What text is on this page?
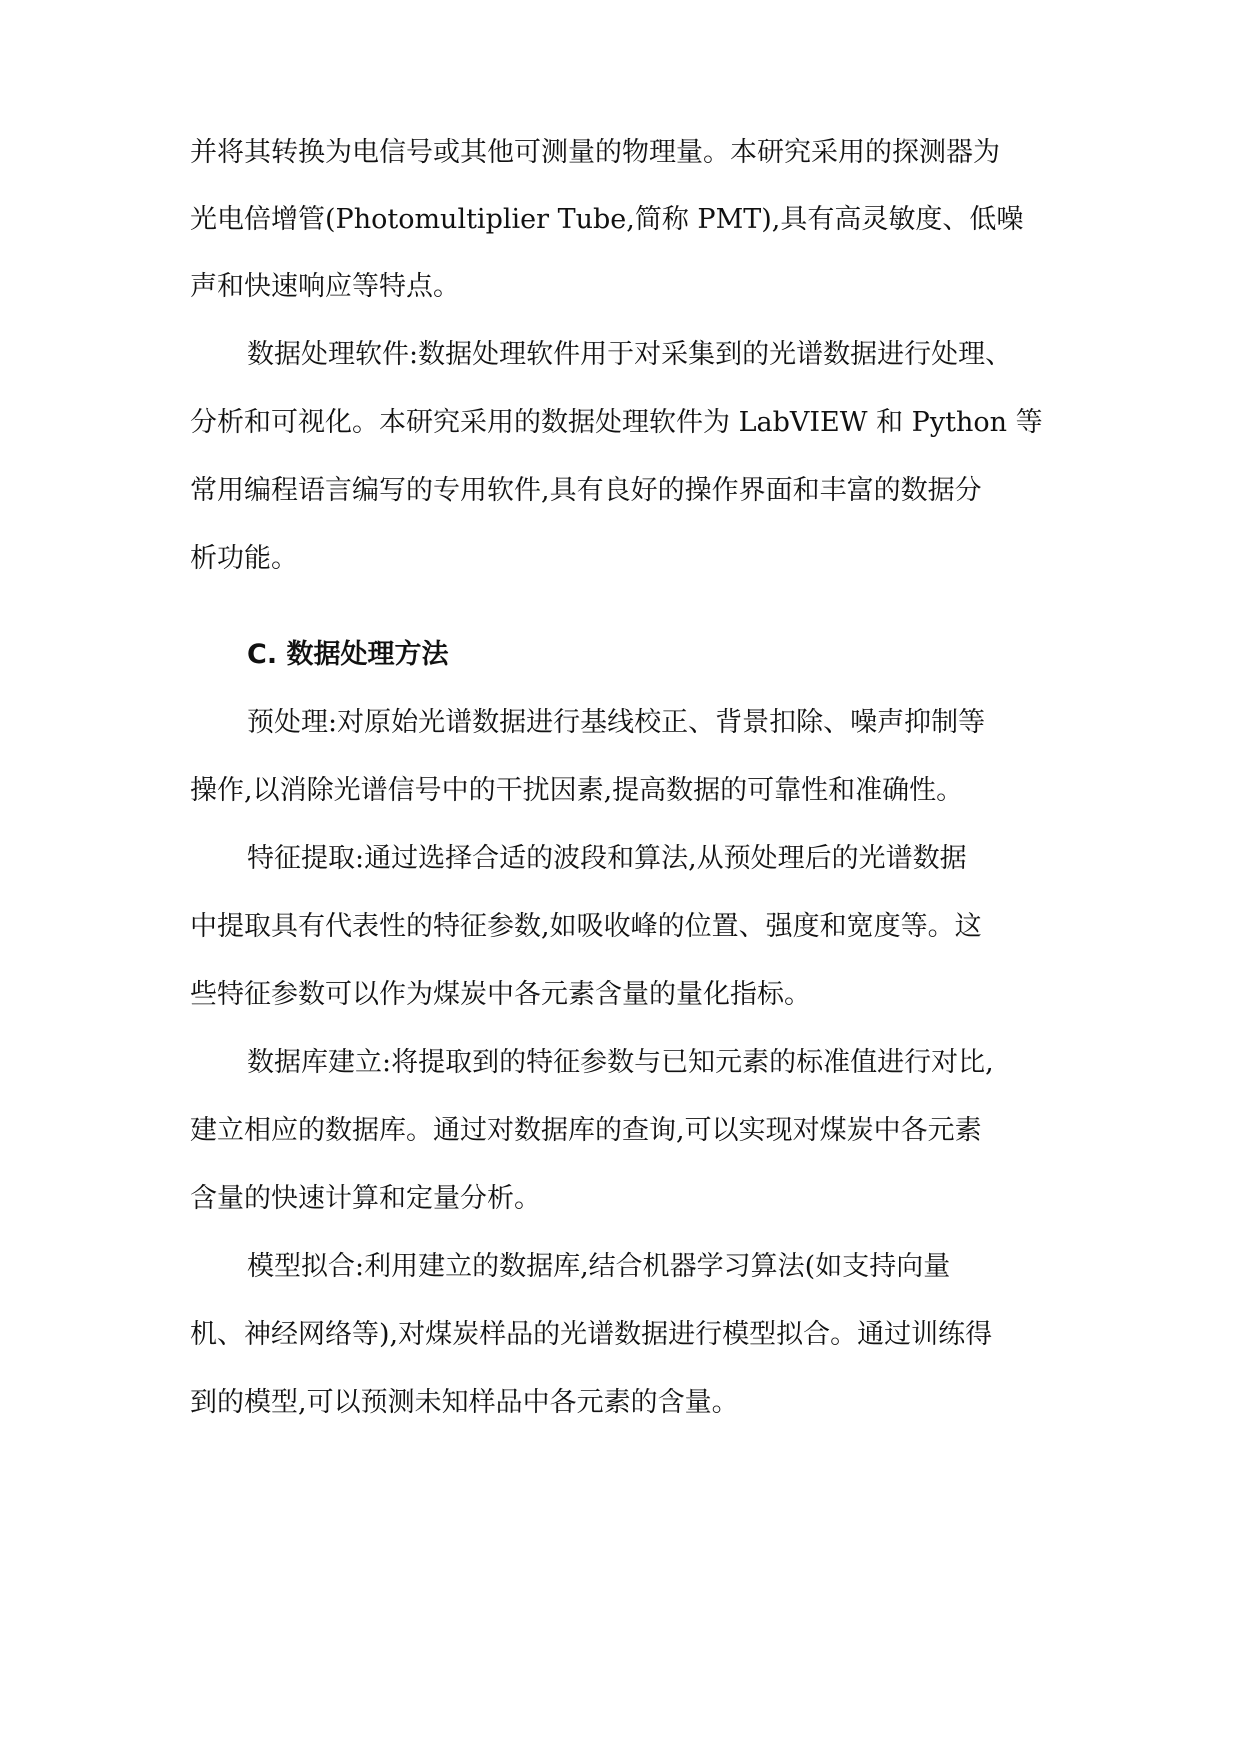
并将其转换为电信号或其他可测量的物理量。本研究采用的探测器为
光电倍增管(Photomultiplier Tube,简称 PMT),具有高灵敏度、低噪
声和快速响应等特点。
数据处理软件:数据处理软件用于对采集到的光谱数据进行处理、
分析和可视化。本研究采用的数据处理软件为 LabVIEW 和 Python 等
常用编程语言编写的专用软件,具有良好的操作界面和丰富的数据分
析功能。
C. 数据处理方法
预处理:对原始光谱数据进行基线校正、背景扣除、噪声抑制等
操作,以消除光谱信号中的干扰因素,提高数据的可靠性和准确性。
特征提取:通过选择合适的波段和算法,从预处理后的光谱数据
中提取具有代表性的特征参数,如吸收峰的位置、强度和宽度等。这
些特征参数可以作为煤炭中各元素含量的量化指标。
数据库建立:将提取到的特征参数与已知元素的标准值进行对比,
建立相应的数据库。通过对数据库的查询,可以实现对煤炭中各元素
含量的快速计算和定量分析。
模型拟合:利用建立的数据库,结合机器学习算法(如支持向量
机、神经网络等),对煤炭样品的光谱数据进行模型拟合。通过训练得
到的模型,可以预测未知样品中各元素的含量。
